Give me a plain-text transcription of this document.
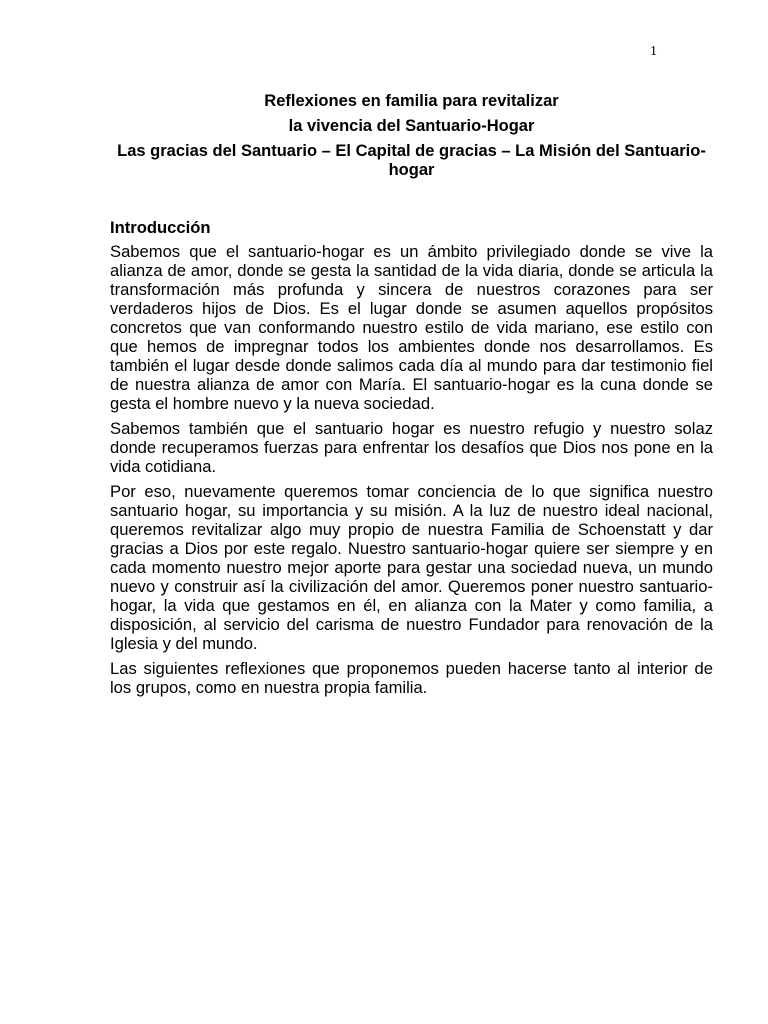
1
Reflexiones en familia para revitalizar
la vivencia del Santuario-Hogar
Las gracias del Santuario – El Capital de gracias – La Misión del Santuario- hogar
Introducción

Sabemos que el santuario-hogar es un ámbito privilegiado donde se vive la alianza de amor, donde se gesta la santidad de la vida diaria, donde se articula la transformación más profunda y sincera de nuestros corazones para ser verdaderos hijos de Dios. Es el lugar donde se asumen aquellos propósitos concretos que van conformando nuestro estilo de vida mariano, ese estilo con que hemos de impregnar todos los ambientes donde nos desarrollamos. Es también el lugar desde donde salimos cada día al mundo para dar testimonio fiel de nuestra alianza de amor con María. El santuario-hogar es la cuna donde se gesta el hombre nuevo y la nueva sociedad.

Sabemos también que el santuario hogar es nuestro refugio y nuestro solaz donde recuperamos fuerzas para enfrentar los desafíos que Dios nos pone en la vida cotidiana.

Por eso, nuevamente queremos tomar conciencia de lo que significa nuestro santuario hogar, su importancia y su misión. A la luz de nuestro ideal nacional, queremos revitalizar algo muy propio de nuestra Familia de Schoenstatt y dar gracias a Dios por este regalo. Nuestro santuario-hogar quiere ser siempre y en cada momento nuestro mejor aporte para gestar una sociedad nueva, un mundo nuevo y construir así la civilización del amor. Queremos poner nuestro santuario-hogar, la vida que gestamos en él, en alianza con la Mater y como familia, a disposición, al servicio del carisma de nuestro Fundador para renovación de la Iglesia y del mundo.

Las siguientes reflexiones que proponemos pueden hacerse tanto al interior de los grupos, como en nuestra propia familia.
